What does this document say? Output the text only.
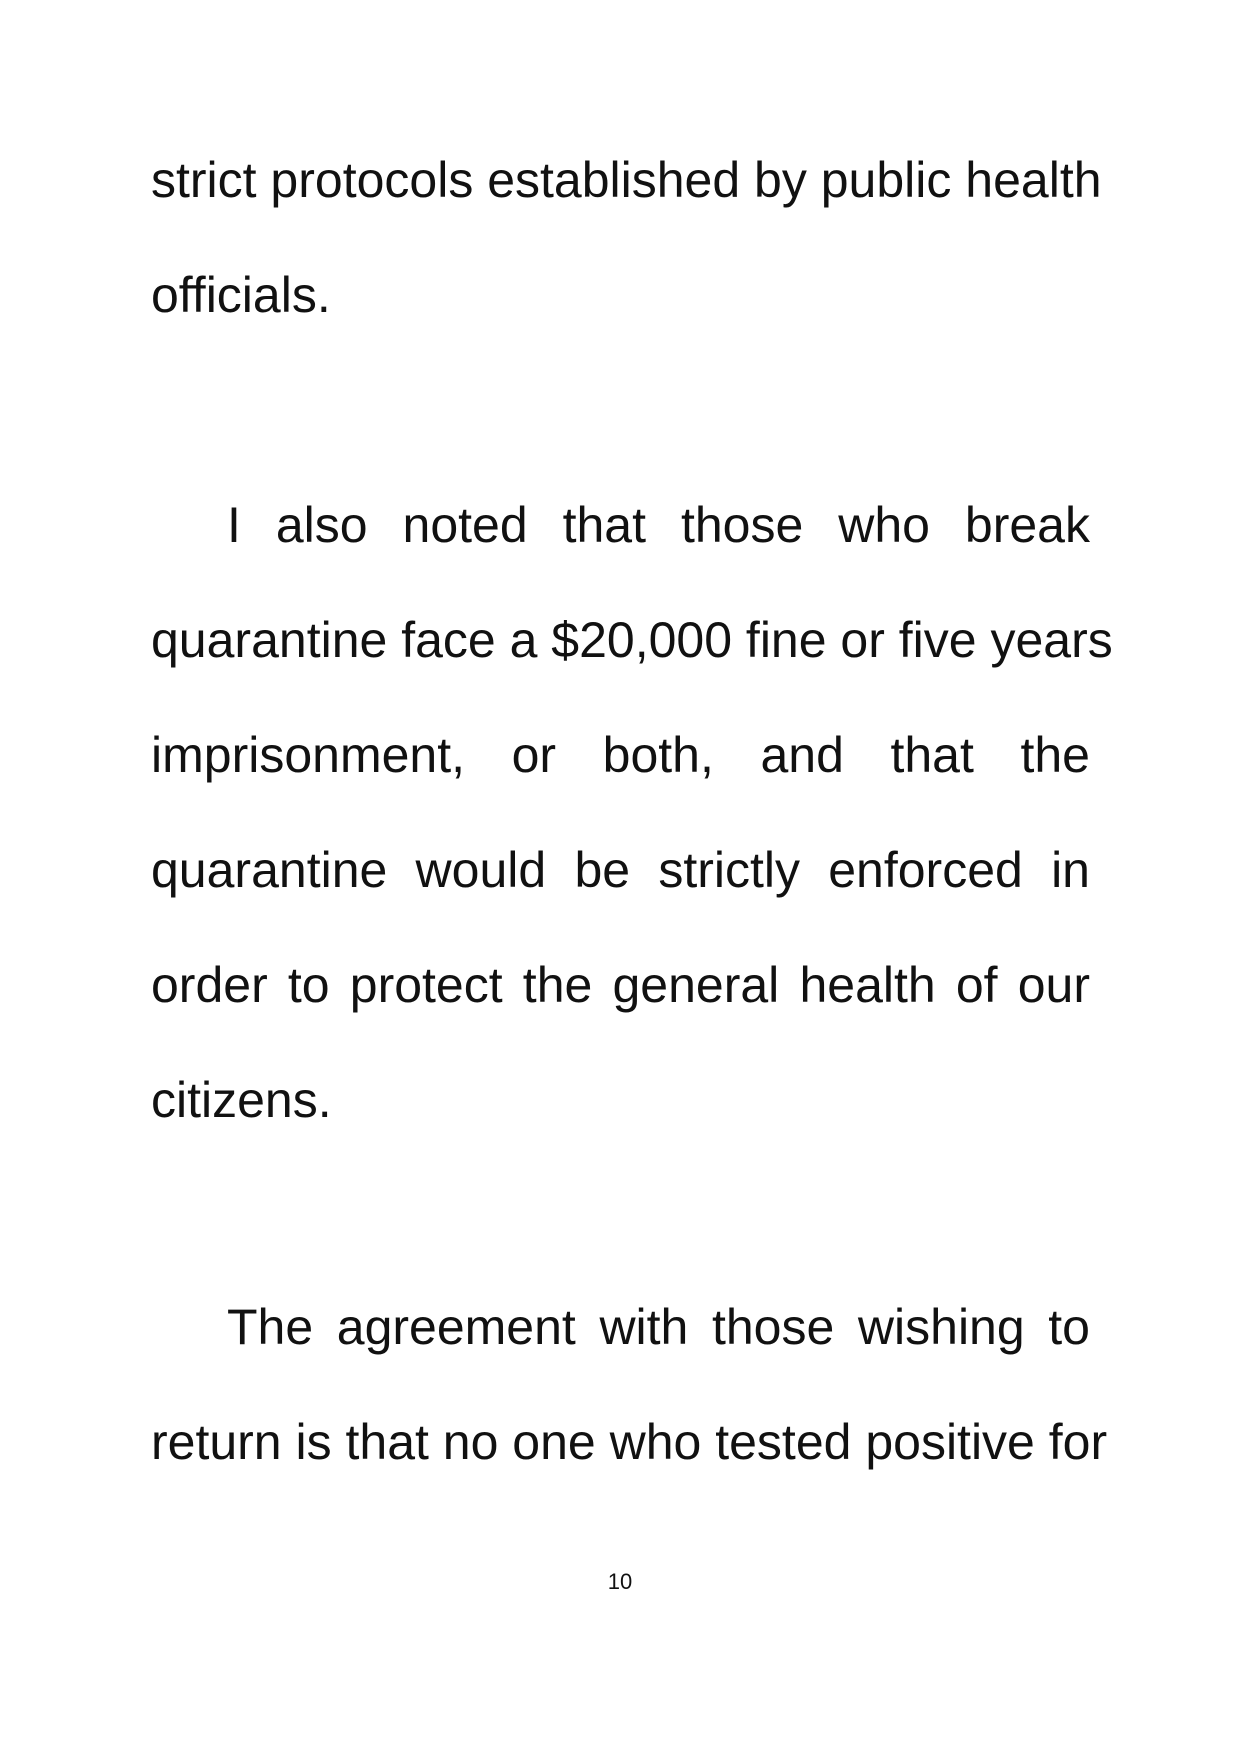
strict protocols established by public health
officials.
I also noted that those who break
quarantine face a $20,000 fine or five years
imprisonment, or both, and that the
quarantine would be strictly enforced in
order to protect the general health of our
citizens.
The agreement with those wishing to
return is that no one who tested positive for
10
